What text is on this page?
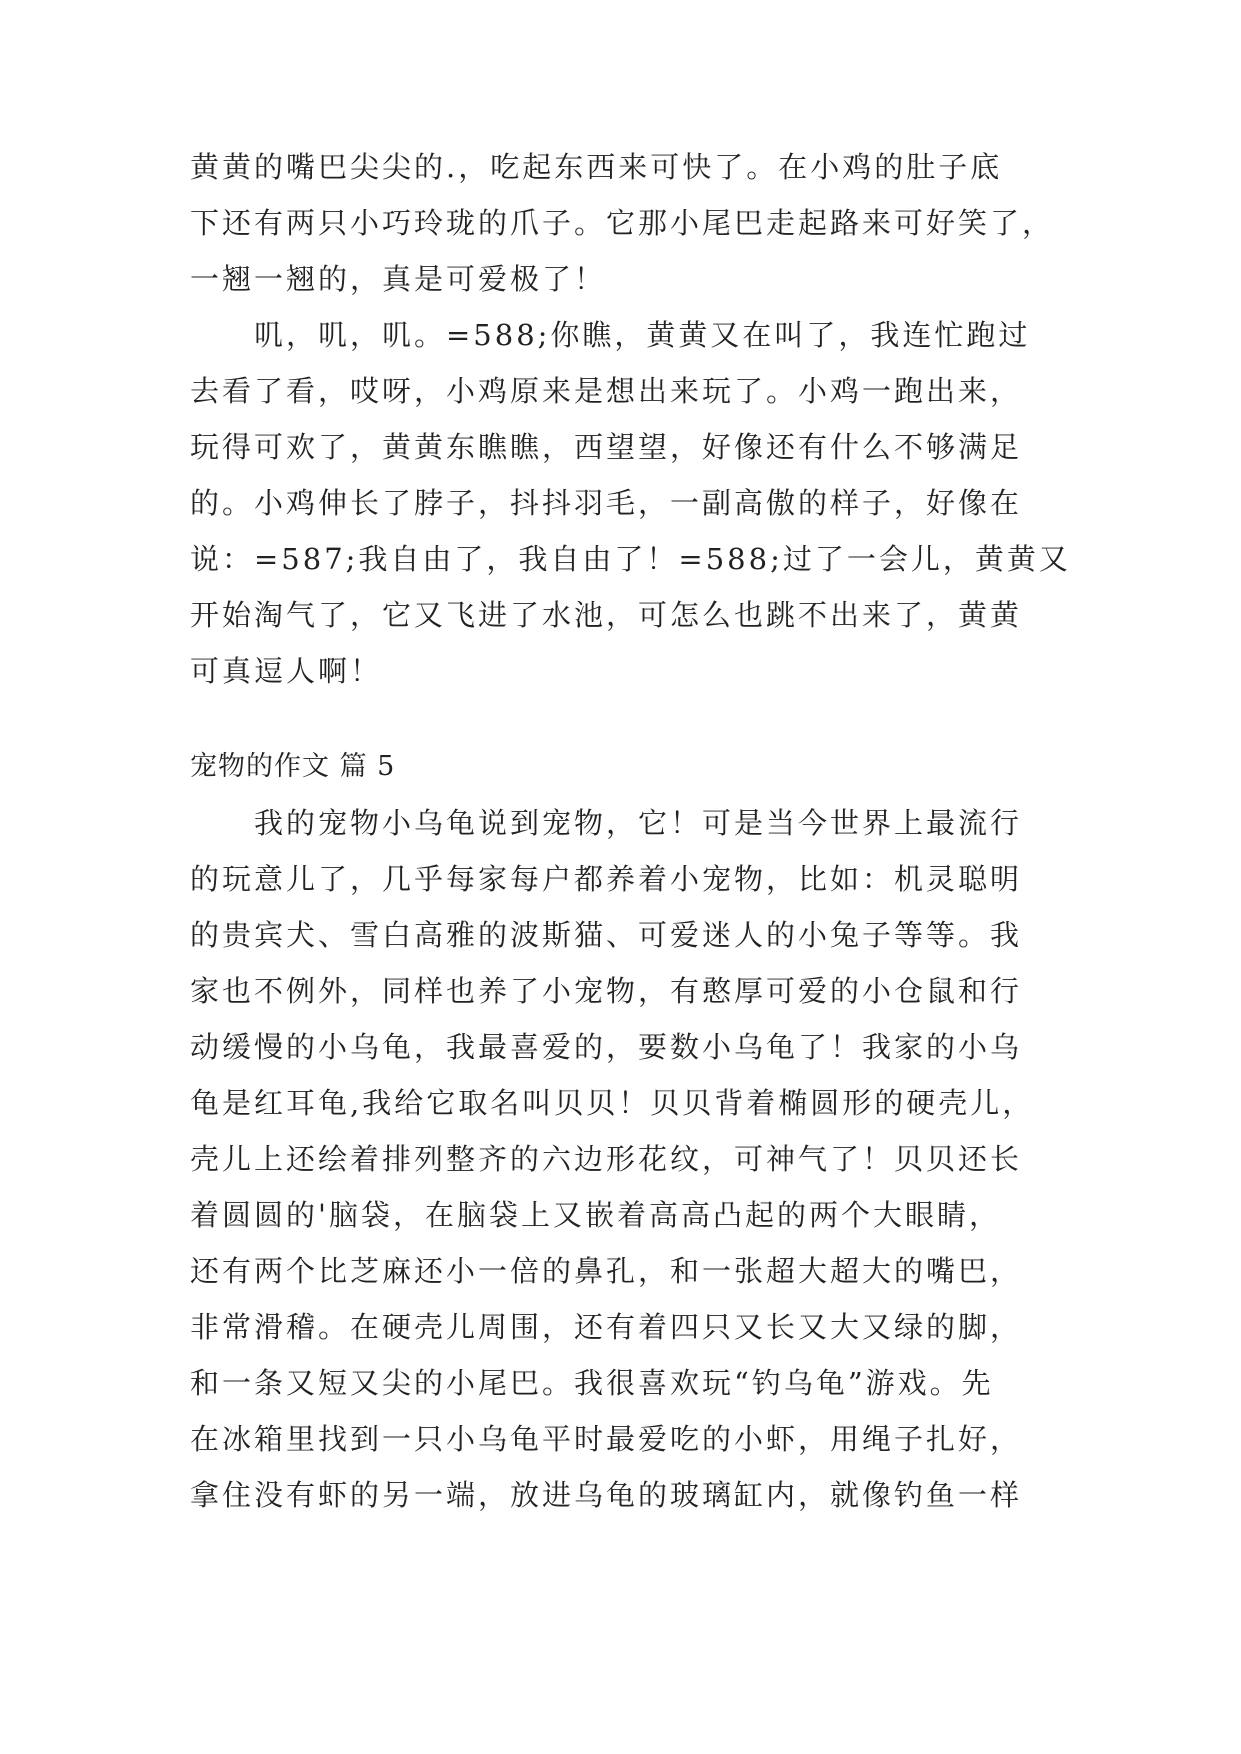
黄黄的嘴巴尖尖的.，吃起东西来可快了。在小鸡的肚子底
下还有两只小巧玲珑的爪子。它那小尾巴走起路来可好笑了，
一翘一翘的，真是可爱极了！
叽，叽，叽。=588;你瞧，黄黄又在叫了，我连忙跑过
去看了看，哎呀，小鸡原来是想出来玩了。小鸡一跑出来，
玩得可欢了，黄黄东瞧瞧，西望望，好像还有什么不够满足
的。小鸡伸长了脖子，抖抖羽毛，一副高傲的样子，好像在
说：=587;我自由了，我自由了！=588;过了一会儿，黄黄又
开始淘气了，它又飞进了水池，可怎么也跳不出来了，黄黄
可真逗人啊！
宠物的作文 篇 5
我的宠物小乌龟说到宠物，它！可是当今世界上最流行
的玩意儿了，几乎每家每户都养着小宠物，比如：机灵聪明
的贵宾犬、雪白高雅的波斯猫、可爱迷人的小兔子等等。我
家也不例外，同样也养了小宠物，有憨厚可爱的小仓鼠和行
动缓慢的小乌龟，我最喜爱的，要数小乌龟了！我家的小乌
龟是红耳龟,我给它取名叫贝贝！贝贝背着椭圆形的硬壳儿，
壳儿上还绘着排列整齐的六边形花纹，可神气了！贝贝还长
着圆圆的'脑袋，在脑袋上又嵌着高高凸起的两个大眼睛，
还有两个比芝麻还小一倍的鼻孔，和一张超大超大的嘴巴，
非常滑稽。在硬壳儿周围，还有着四只又长又大又绿的脚，
和一条又短又尖的小尾巴。我很喜欢玩“钓乌龟”游戏。先
在冰箱里找到一只小乌龟平时最爱吃的小虾，用绳子扎好，
拿住没有虾的另一端，放进乌龟的玻璃缸内，就像钓鱼一样
